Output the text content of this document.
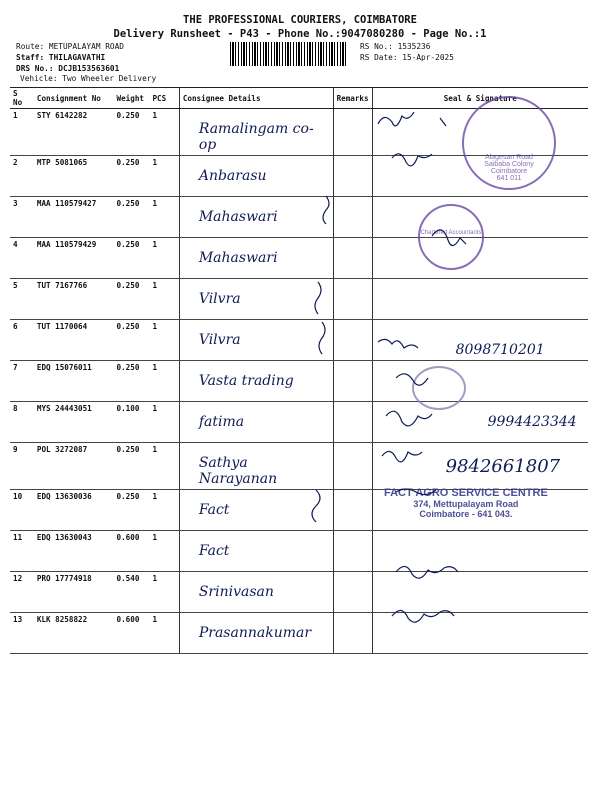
THE PROFESSIONAL COURIERS, COIMBATORE
Delivery Runsheet - P43 - Phone No.:9047080280 - Page No.:1
Route: METUPALAYAM ROAD
Staff: THILAGAVATHI
DRS No.: DCJB153563601
Vehicle: Two Wheeler Delivery
RS No.: 1535236
RS Date: 15-Apr-2025
S No	Consignment No	Weight	PCS	Consignee Details	Remarks	Seal & Signature
1	STY 6142282	0.250	1	Ramalingam co-op		

2	MTP 5081065	0.250	1	Anbarasu		

3	MAA 110579427	0.250	1	Mahaswari		

4	MAA 110579429	0.250	1	Mahaswari		

5	TUT 7167766	0.250	1	Vilvra		

6	TUT 1170064	0.250	1	Vilvra		8098710201
7	EDQ 15076011	0.250	1	Vasta trading		

8	MYS 24443051	0.100	1	fatima		9994423344
9	POL 3272087	0.250	1	Sathya Narayanan		9842661807
10	EDQ 13630036	0.250	1	Fact		

11	EDQ 13630043	0.600	1	Fact		

12	PRO 17774918	0.540	1	Srinivasan		

13	KLK 8258822	0.600	1	Prasannakumar		

Alagesan Road
Saibaba Colony
Coimbatore
641 011
Chartered Accountants
FACT AGRO SERVICE CENTRE
374, Mettupalayam Road
Coimbatore - 641 043.
